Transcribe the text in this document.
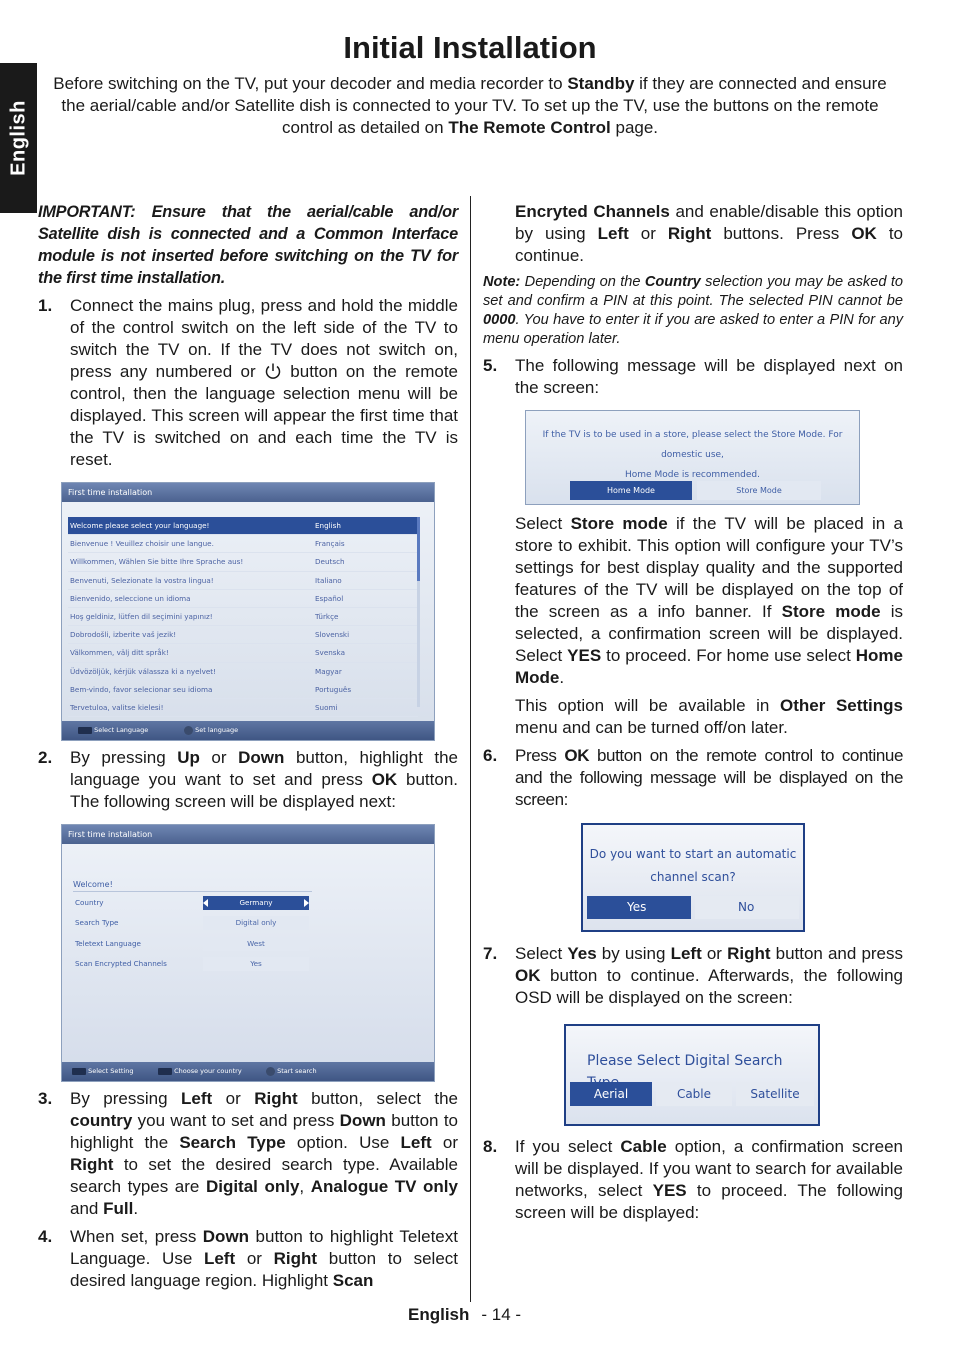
English
Initial Installation

Before switching on the TV, put your decoder and media recorder to Standby if they are connected and ensure the aerial/cable and/or Satellite dish is connected to your TV. To set up the TV, use the buttons on the remote control as detailed on The Remote Control page.

IMPORTANT: Ensure that the aerial/cable and/or Satellite dish is connected and a Common Interface module is not inserted before switching on the TV for the first time installation.

1.	Connect the mains plug, press and hold the middle of the control switch on the left side of the TV to switch the TV on. If the TV does not switch on, press any numbered or  button on the remote control, then the language selection menu will be displayed. This screen will appear the first time that the TV is switched on and each time the TV is reset.
First time installation
Welcome please select your language!	English
Bienvenue ! Veuillez choisir une langue.	Français
Willkommen, Wählen Sie bitte Ihre Sprache aus!	Deutsch
Benvenuti, Selezionate la vostra lingua!	Italiano
Bienvenido, seleccione un idioma	Español
Hoş geldiniz, lütfen dil seçimini yapınız!	Türkçe
Dobrodošli, izberite vaš jezik!	Slovenski
Välkommen, välj ditt språk!	Svenska
Üdvözöljük, kérjük válassza ki a nyelvet!	Magyar
Bem-vindo, favor selecionar seu idioma	Português
Tervetuloa, valitse kielesi!	Suomi
Select Language	Set language
2.	By pressing Up or Down button, highlight the language you want to set and press OK button. The following screen will be displayed next:
First time installation
Welcome!
Country	Germany
Search Type	Digital only
Teletext Language	West
Scan Encrypted Channels	Yes
Select Setting	Choose your country	Start search
3.	By pressing Left or Right button, select the country you want to set and press Down button to highlight the Search Type option. Use Left or Right to set the desired search type. Available search types are Digital only, Analogue TV only and Full.
4.	When set, press Down button to highlight Teletext Language. Use Left or Right button to select desired language region. Highlight Scan

Encryted Channels and enable/disable this option by using Left or Right buttons. Press OK to continue.

Note: Depending on the Country selection you may be asked to set and confirm a PIN at this point. The selected PIN cannot be 0000. You have to enter it if you are asked to enter a PIN for any menu operation later.

5.	The following message will be displayed next on the screen:
If the TV is to be used in a store, please select the Store Mode. For domestic use,
Home Mode is recommended.
Home Mode	Store Mode

Select Store mode if the TV will be placed in a store to exhibit. This option will configure your TV’s settings for best display quality and the supported features of the TV will be displayed on the top of the screen as a info banner. If Store mode is selected, a confirmation screen will be displayed. Select YES to proceed. For home use select Home Mode.

This option will be available in Other Settings menu and can be turned off/on later.

6.	Press OK button on the remote control to continue and the following message will be displayed on the screen:
Do you want to start an automatic
channel scan?
Yes	No
7.	Select Yes by using Left or Right button and press OK button to continue. Afterwards, the following OSD will be displayed on the screen:
Please Select Digital Search
Aerial	Cable	Satellite
8.	If you select Cable option, a confirmation screen will be displayed. If you want to search for available networks, select YES to proceed. The following screen will be displayed:
English - 14 -
